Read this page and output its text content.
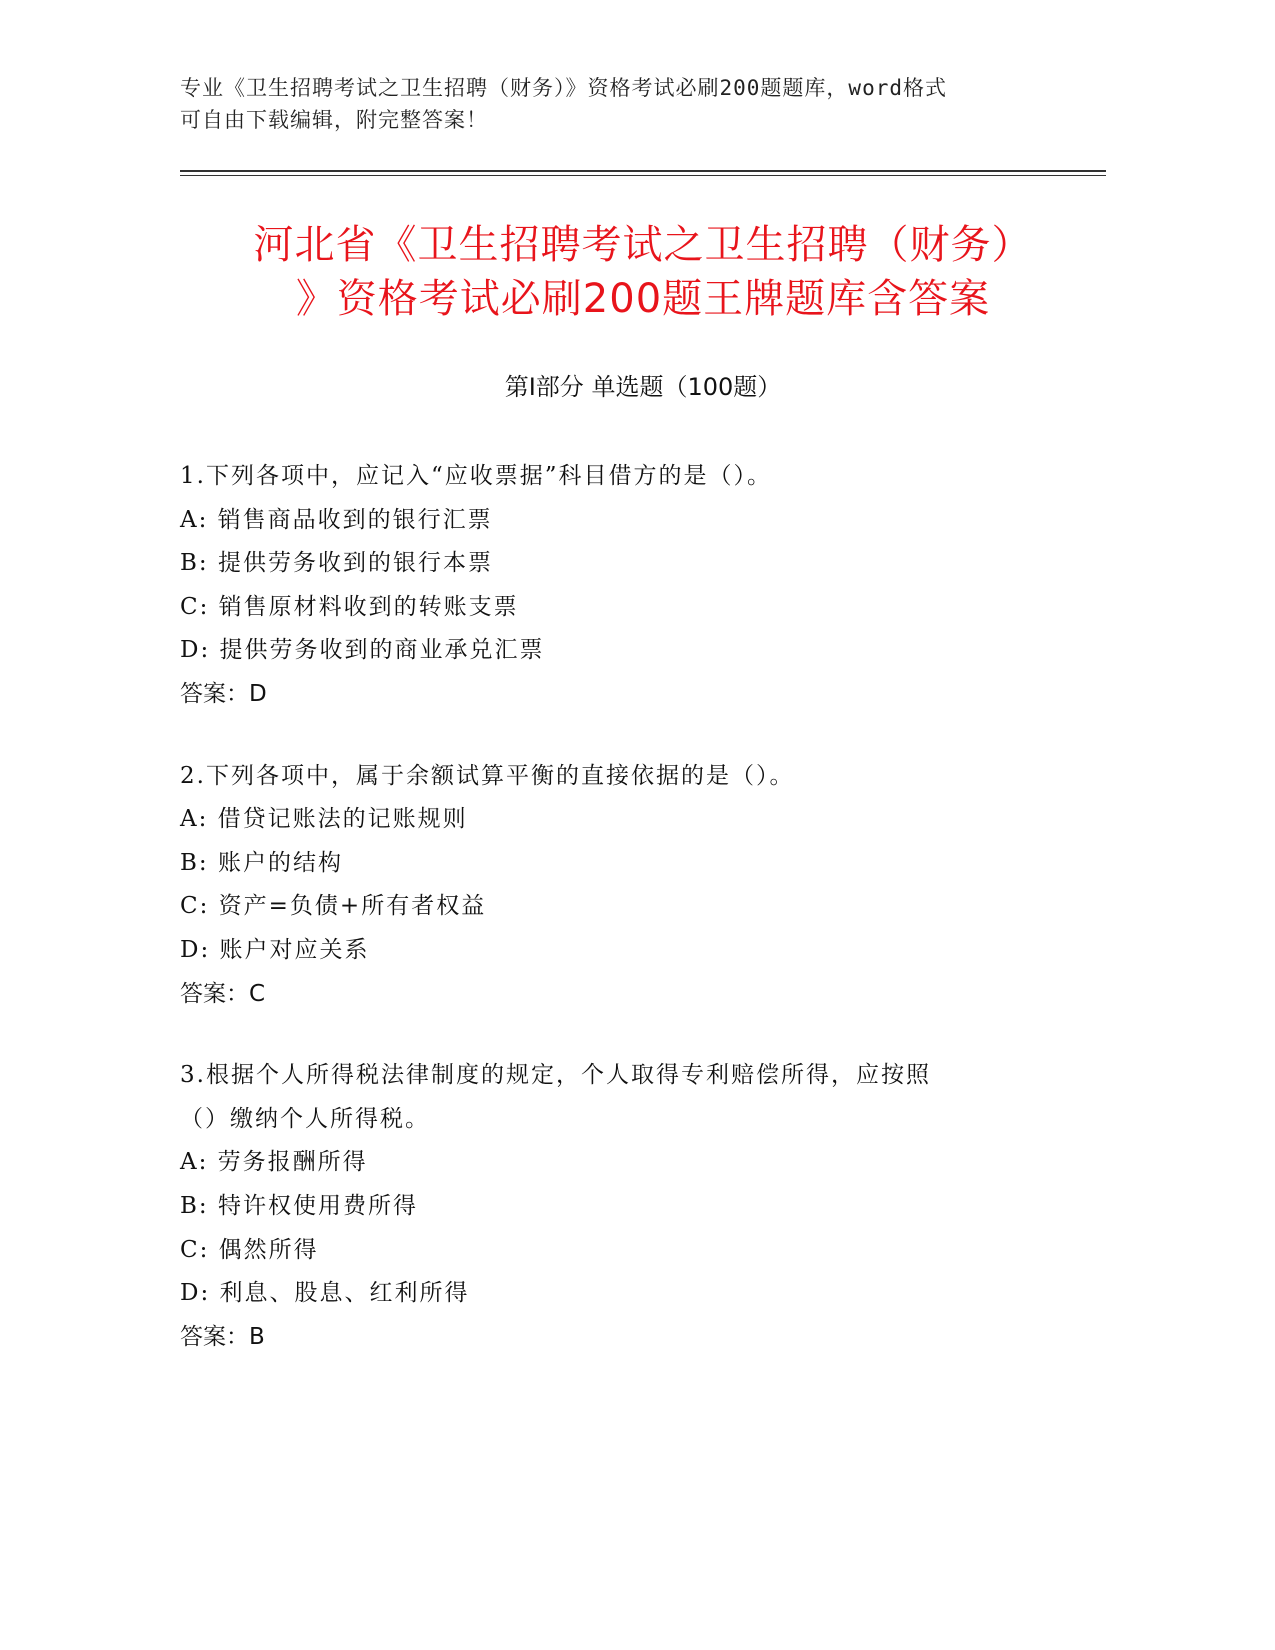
专业《卫生招聘考试之卫生招聘（财务）》资格考试必刷200题题库，word格式
可自由下载编辑，附完整答案！
河北省《卫生招聘考试之卫生招聘（财务）
》资格考试必刷200题王牌题库含答案
第Ⅰ部分 单选题（100题）
1.下列各项中，应记入“应收票据”科目借方的是（）。
A: 销售商品收到的银行汇票
B: 提供劳务收到的银行本票
C: 销售原材料收到的转账支票
D: 提供劳务收到的商业承兑汇票
答案：D
2.下列各项中，属于余额试算平衡的直接依据的是（）。
A: 借贷记账法的记账规则
B: 账户的结构
C: 资产=负债+所有者权益
D: 账户对应关系
答案：C
3.根据个人所得税法律制度的规定，个人取得专利赔偿所得，应按照
（）缴纳个人所得税。
A: 劳务报酬所得
B: 特许权使用费所得
C: 偶然所得
D: 利息、股息、红利所得
答案：B
